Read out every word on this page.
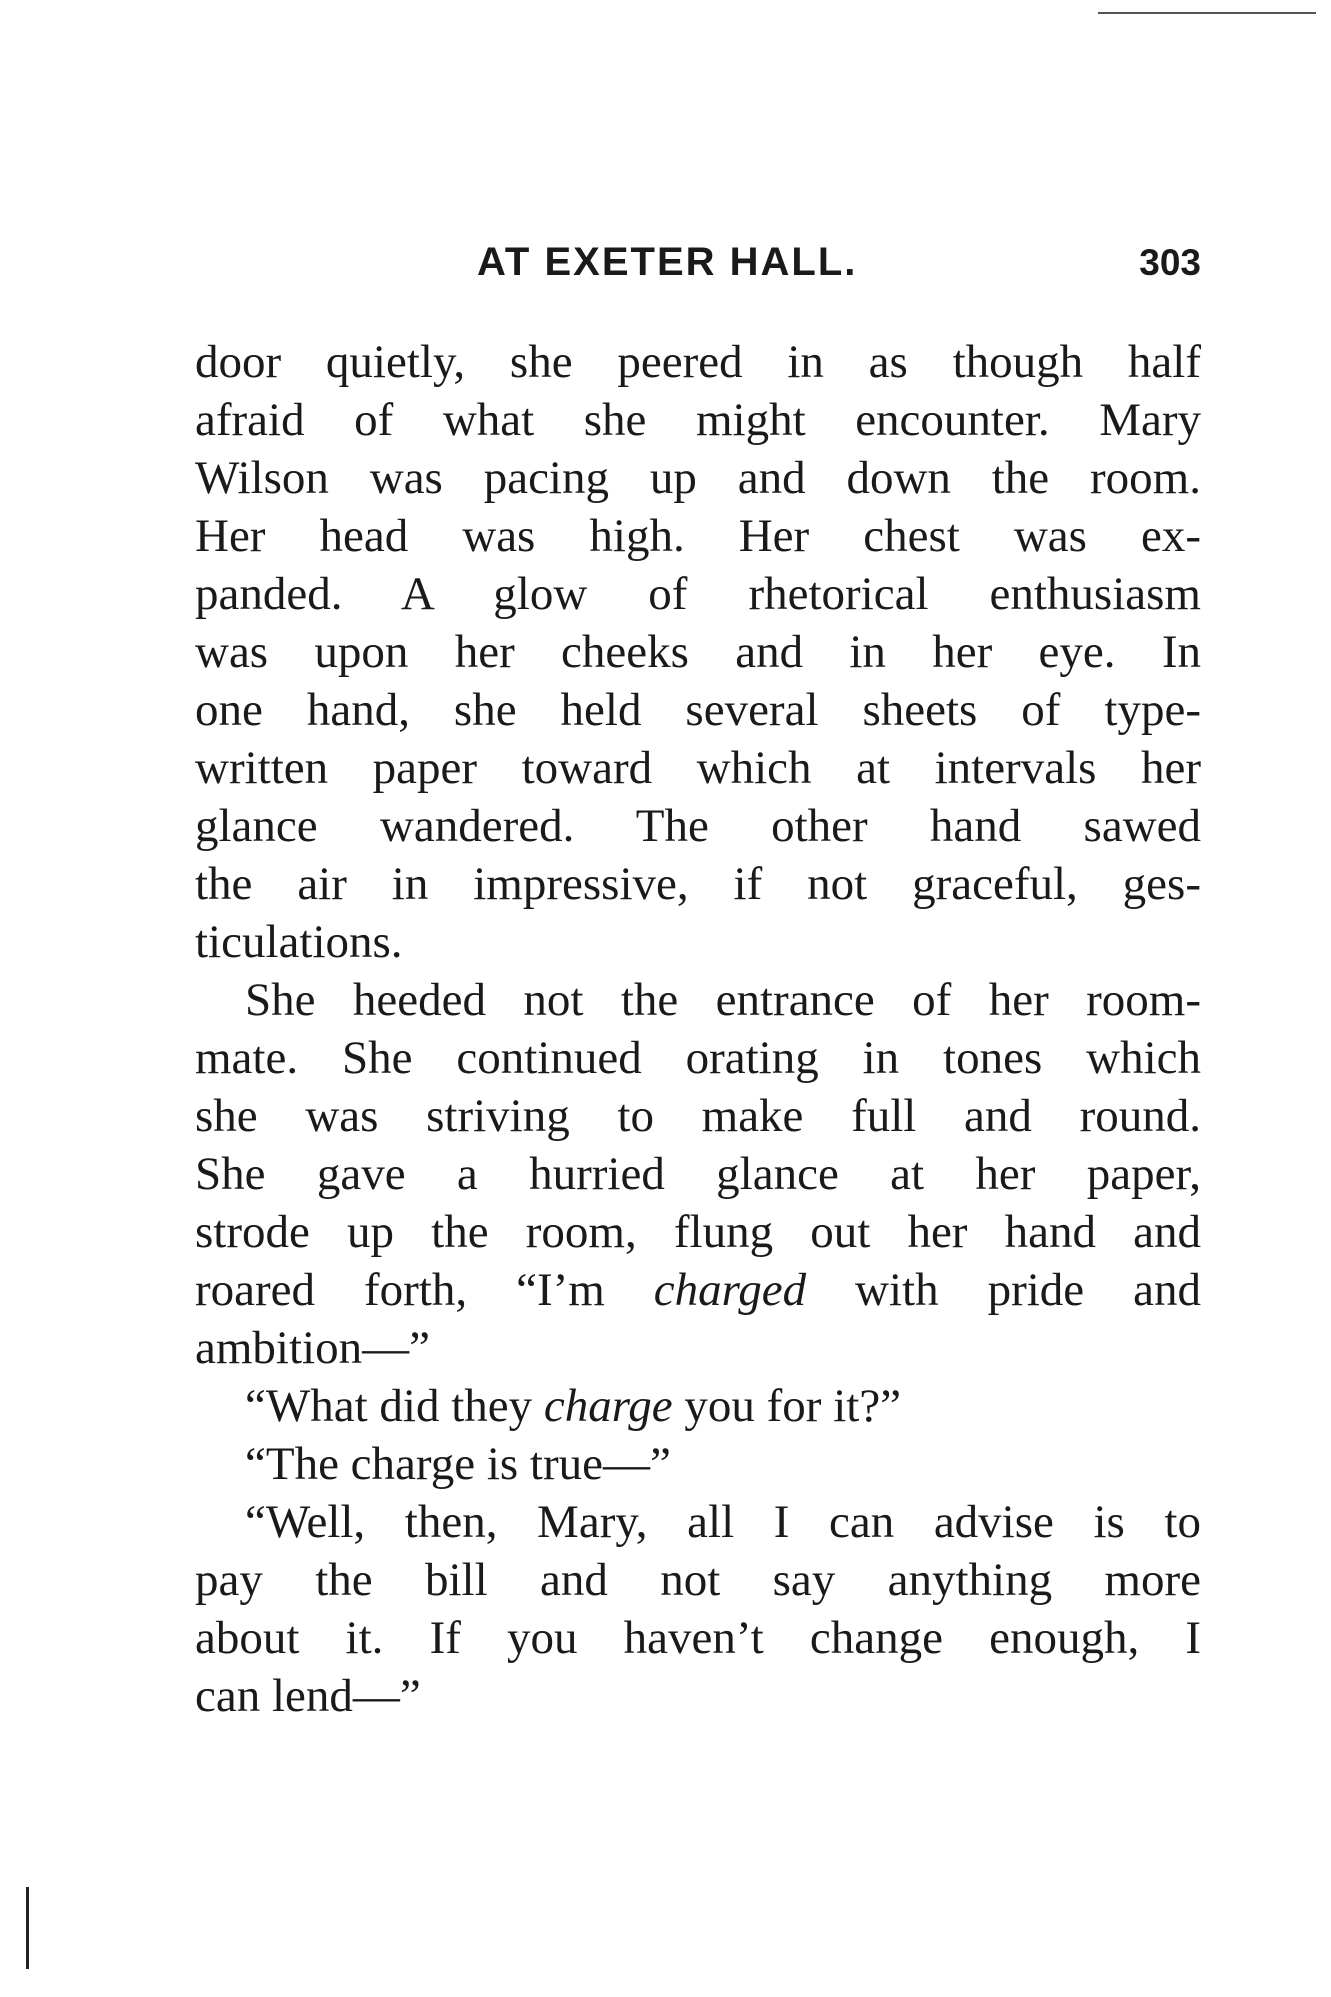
AT EXETER HALL.	303
door quietly, she peered in as though half
afraid of what she might encounter. Mary
Wilson was pacing up and down the room.
Her head was high. Her chest was ex-
panded. A glow of rhetorical enthusiasm
was upon her cheeks and in her eye. In
one hand, she held several sheets of type-
written paper toward which at intervals her
glance wandered. The other hand sawed
the air in impressive, if not graceful, ges-
ticulations.
She heeded not the entrance of her room-
mate. She continued orating in tones which
she was striving to make full and round.
She gave a hurried glance at her paper,
strode up the room, flung out her hand and
roared forth, “I’m charged with pride and
ambition—”
“What did they charge you for it?”
“The charge is true—”
“Well, then, Mary, all I can advise is to
pay the bill and not say anything more
about it. If you haven’t change enough, I
can lend—”
